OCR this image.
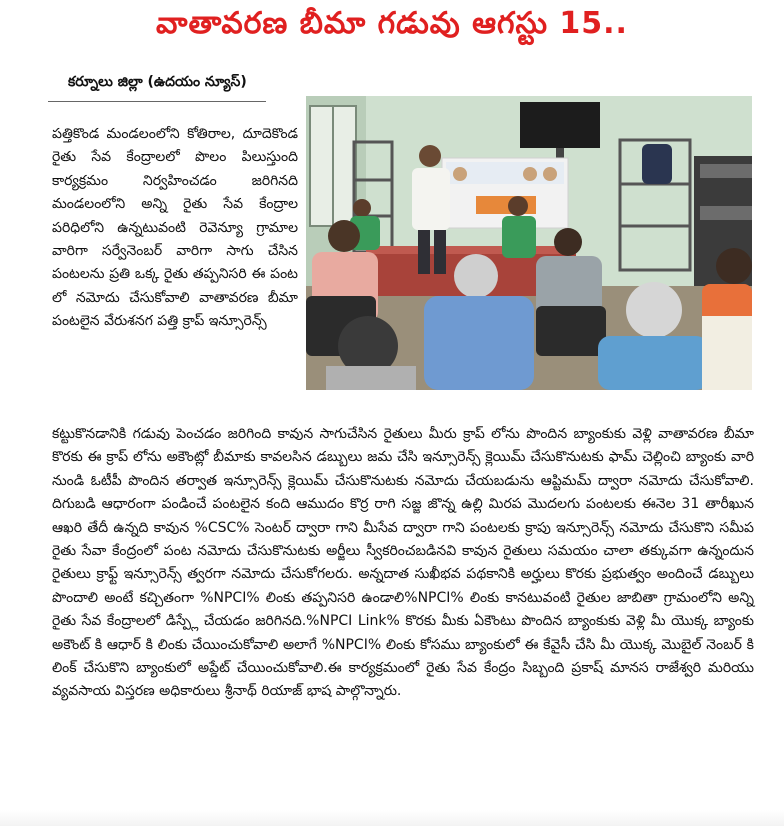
వాతావరణ బీమా గడువు ఆగస్టు 15..
కర్నూలు జిల్లా (ఉదయం న్యూస్)

పత్తికొండ మండలంలోని కోతిరాల, దూదెకొండ రైతు సేవ కేంద్రాలలో పొలం పిలుస్తుంది కార్యక్రమం నిర్వహించడం జరిగినది మండలంలోని అన్ని రైతు సేవ కేంద్రాల పరిధిలోని ఉన్నటువంటి రెవెన్యూ గ్రామాల వారిగా సర్వేనెంబర్ వారిగా సాగు చేసిన పంటలను ప్రతి ఒక్క రైతు తప్పనిసరి ఈ పంట లో నమోదు చేసుకోవాలి వాతావరణ బీమా పంటలైన వేరుశనగ పత్తి క్రాప్ ఇన్సూరెన్స్

కట్టుకొనడానికి గడువు పెంచడం జరిగింది కావున సాగుచేసిన రైతులు మీరు క్రాప్ లోను పొందిన బ్యాంకుకు వెళ్లి వాతావరణ బీమా కొరకు ఈ క్రాప్ లోను అకౌంట్లో బీమాకు కావలసిన డబ్బులు జమ చేసి ఇన్సూరెన్స్ క్లెయిమ్ చేసుకొనుటకు ఫామ్ చెల్లించి బ్యాంకు వారి నుండి ఓటీపీ పొందిన తర్వాత ఇన్సూరెన్స్ క్లెయిమ్ చేసుకొనుటకు నమోదు చేయబడును ఆప్టిమమ్ ద్వారా నమోదు చేసుకోవాలి. దిగుబడి ఆధారంగా పండించే పంటలైన కంది ఆముదం కొర్ర రాగి సజ్జ జొన్న ఉల్లి మిరప మొదలగు పంటలకు ఈనెల 31 తారీఖున ఆఖరి తేదీ ఉన్నది కావున %CSC% సెంటర్ ద్వారా గాని మీసేవ ద్వారా గాని పంటలకు క్రాపు ఇన్సూరెన్స్ నమోదు చేసుకొని సమీప రైతు సేవా కేంద్రంలో పంట నమోదు చేసుకొనుటకు అర్జీలు స్వీకరించబడినవి కావున రైతులు సమయం చాలా తక్కువగా ఉన్నందున రైతులు క్రాఫ్ట్ ఇన్సూరెన్స్ త్వరగా నమోదు చేసుకోగలరు. అన్నదాత సుఖీభవ పథకానికి అర్హులు కొరకు ప్రభుత్వం అందించే డబ్బులు పొందాలి అంటే కచ్చితంగా %NPCI% లింకు తప్పనిసరి ఉండాలి%NPCI% లింకు కానటువంటి రైతుల జాబితా గ్రామంలోని అన్ని రైతు సేవ కేంద్రాలలో డిస్ప్లే చేయడం జరిగినది.%NPCI Link% కొరకు మీకు ఏకౌంటు పొందిన బ్యాంకుకు వెళ్లి మీ యొక్క బ్యాంకు అకౌంట్ కి ఆధార్ కి లింకు చేయించుకోవాలి అలాగే %NPCI% లింకు కోసము బ్యాంకులో ఈ కేవైసీ చేసి మీ యొక్క మొబైల్ నెంబర్ కి లింక్ చేసుకొని బ్యాంకులో అప్డేట్ చేయించుకోవాలి.ఈ కార్యక్రమంలో రైతు సేవ కేంద్రం సిబ్బంది ప్రకాష్ మానస రాజేశ్వరి మరియు వ్యవసాయ విస్తరణ అధికారులు శ్రీనాథ్ రియాజ్ భాష పాల్గొన్నారు.
